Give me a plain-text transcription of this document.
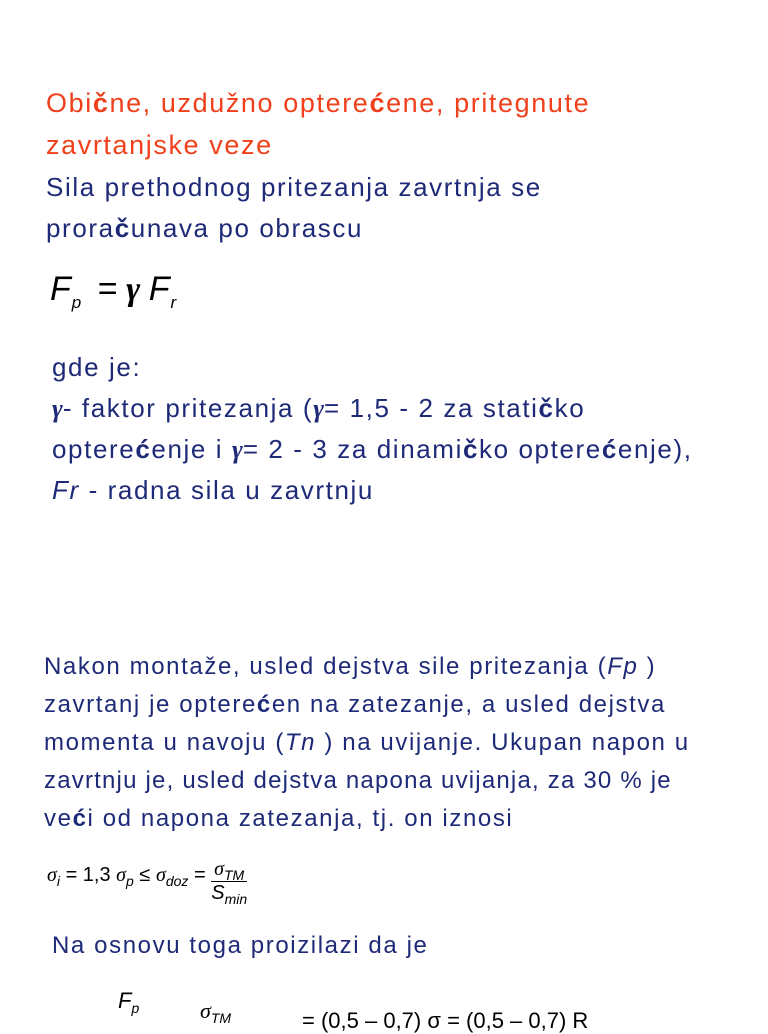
Obične, uzdužno opterećene, pritegnute
zavrtanjske veze
Sila prethodnog pritezanja zavrtnja se
proračunava po obrascu
$F_p = \gamma$ $F_r$
gde je:
γ- faktor pritezanja (γ= 1,5 - 2 za statičko
opterećenje i γ= 2 - 3 za dinamičko opterećenje),
Fr - radna sila u zavrtnju
Nakon montaže, usled dejstva sile pritezanja (Fp )
zavrtanj je opterećen na zatezanje, a usled dejstva
momenta u navoju (Tn ) na uvijanje. Ukupan napon u
zavrtnju je, usled dejstva napona uvijanja, za 30 % je
veći od napona zatezanja, tj. on iznosi
$\sigma_i = 1,3$ $\sigma_p \le \sigma_{doz} = \frac{\sigma_{TM}}{S_{min}}$
Na osnovu toga proizilazi da je
$F_p$	$\sigma_{TM}$	= (0,5 – 0,7) σ = (0,5 – 0,7) R
